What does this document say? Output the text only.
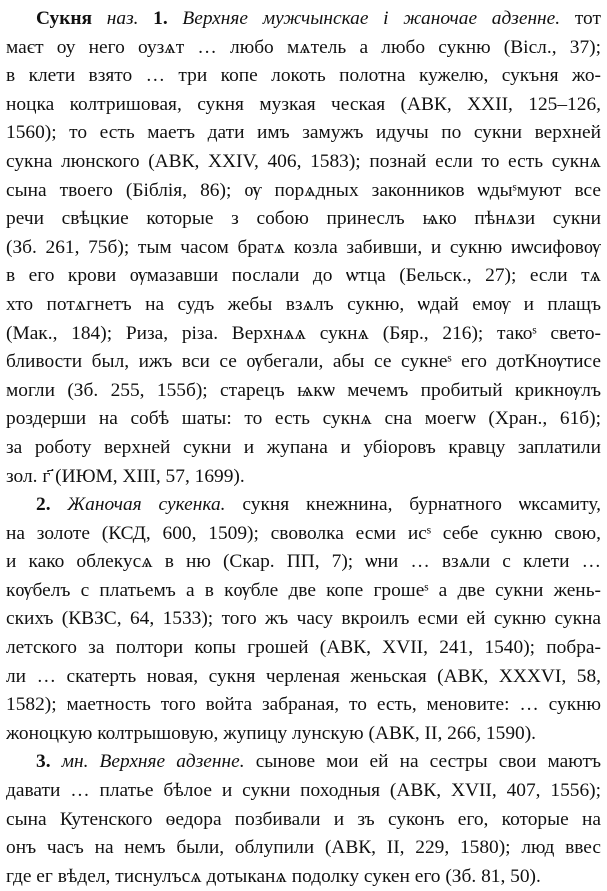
Сукня наз. 1. Верхняе мужчынскае і жаночае адзенне. тот
маєт оу него оузѧт … любо мѧтель а любо сукню (Вісл., 37);
в клети взято … три копе локоть полотна кужелю, сукъня жо-
ноцка колтришовая, сукня музкая ческая (АВК, ХХІІ, 125–126,
1560); то есть маетъ дати имъ замужъ идучы по сукни верхней
сукна люнского (АВК, ХХІV, 406, 1583); познай если то есть сукнѧ
сына твоего (Біблія, 86); ѹ порѧдных законников ѡдыˢмуют все
речи свѣцкие которые з собою принеслъ ѩко пѣнѧзи сукни
(Зб. 261, 75б); тым часом братѧ козла забивши, и сукню иѡсифовѹ
в его крови ѹмазавши послали до ѡтца (Бельск., 27); если тѧ
хто потѧгнетъ на судъ жебы взѧлъ сукню, ѡдай емѹ и плащъ
(Мак., 184); Риза, різа. Верхнѧѧ сукнѧ (Бяр., 216); такоˢ свето-
бливости был, ижъ вси се ѹбегали, абы се сукнеˢ его дотКнѹтисе
могли (Зб. 255, 155б); старецъ ѩкѡ мечемъ пробитый крикнѹлъ
роздерши на собѣ шаты: то есть сукнѧ сна моегѡ (Хран., 61б);
за роботу верхней сукни и жупана и убіоровъ кравцу заплатили
зол. г҃ (ИЮМ, ХІІІ, 57, 1699).
2. Жаночая сукенка. сукня кнежнина, бурнатного ѡксамиту,
на золоте (КСД, 600, 1509); своволка есми исˢ себе сукню свою,
и како облекусѧ в ню (Скар. ПП, 7); ѡни … взѧли с клети …
кѹбелъ с платьемъ а в кѹбле две копе грошеˢ а две сукни жень-
скихъ (КВЗС, 64, 1533); того жъ часу вкроилъ есми ей сукню сукна
летского за полтори копы грошей (АВК, ХVІІ, 241, 1540); побра-
ли … скатерть новая, сукня черленая женьская (АВК, ХХХVІ, 58,
1582); маетность того войта забраная, то есть, меновите: … сукню
жоноцкую колтрышовую, жупицу лунскую (АВК, ІІ, 266, 1590).
3. мн. Верхняе адзенне. сынове мои ей на сестры свои маютъ
давати … платье бѣлое и сукни походныя (АВК, ХVІІ, 407, 1556);
сына Кутенского ѳедора позбивали и зъ суконъ его, которые на
онъ часъ на немъ были, облупили (АВК, ІІ, 229, 1580); люд ввес
где ег вѣдел, тиснулъсѧ дотыканѧ подолку сукен его (Зб. 81, 50).
